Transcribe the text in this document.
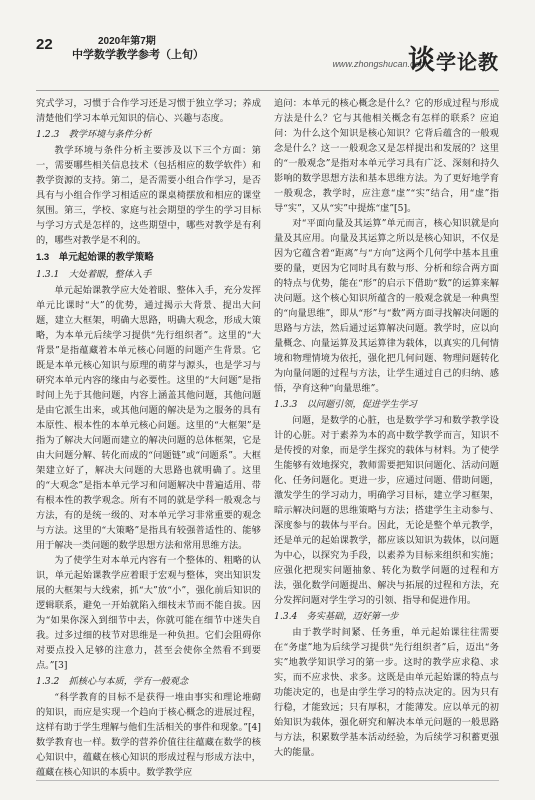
22	2020年第7期
中学数学教学参考（上旬）
www.zhongshucan.com
谈学论教

究式学习，习惯于合作学习还是习惯于独立学习；养成清楚他们学习本单元知识的信心、兴趣与态度。

1.2.3　教学环境与条件分析

教学环境与条件分析主要涉及以下三个方面：第一，需要哪些相关信息技术（包括相应的数学软件）和教学资源的支持。第二，是否需要小组合作学习，是否具有与小组合作学习相适应的课桌椅摆放和相应的课堂氛围。第三，学校、家庭与社会期望的学生的学习目标与学习方式是怎样的，这些期望中，哪些对教学是有利的，哪些对教学是不利的。

1.3　单元起始课的教学策略
1.3.1　大处着眼，整体入手

单元起始课教学应大处着眼、整体入手，充分发挥单元比课时“大”的优势，通过揭示大背景、提出大问题，建立大框架，明确大思路，明确大观念，形成大策略，为本单元后续学习提供“先行组织者”。这里的“大背景”是指蕴藏着本单元核心问题的问题产生背景。它既是本单元核心知识与原理的萌芽与源头，也是学习与研究本单元内容的缘由与必要性。这里的“大问题”是指时间上先于其他问题，内容上涵盖其他问题，其他问题是由它派生出来，或其他问题的解决是为之服务的具有本原性、根本性的本单元核心问题。这里的“大框架”是指为了解决大问题而建立的解决问题的总体框架，它是由大问题分解、转化而成的“问题链”或“问题系”。大框架建立好了，解决大问题的大思路也就明确了。这里的“大观念”是指本单元学习和问题解决中普遍适用、带有根本性的教学观念。所有不同的就是学科一般观念与方法，有的是统一级的、对本单元学习非常重要的观念与方法。这里的“大策略”是指具有较强普适性的、能够用于解决一类问题的数学思想方法和常用思维方法。

为了使学生对本单元内容有一个整体的、粗略的认识，单元起始课教学应着眼于宏观与整体，突出知识发展的大框架与大线索，抓“大”放“小”，强化前后知识的逻辑联系，避免一开始就陷入细枝末节而不能自拔。因为“如果你深入到细节中去，你就可能在细节中迷失自我。过多过细的枝节对思维是一种负担。它们会阻碍你对要点投入足够的注意力，甚至会使你全然看不到要点。”[3]

1.3.2　抓核心与本质，学有一般观念

“科学教育的目标不是获得一堆由事实和理论堆砌的知识，而应是实现一个趋向于核心概念的进展过程，这样有助于学生理解与他们生活相关的事件和现象。”[4]数学教育也一样。数学的营养价值往往蕴藏在数学的核心知识中，蕴藏在核心知识的形成过程与形成方法中，蕴藏在核心知识的本质中。数学教学应

追问：本单元的核心概念是什么？它的形成过程与形成方法是什么？它与其他相关概念有怎样的联系？应追问：为什么这个知识是核心知识？它背后蕴含的一般观念是什么？这一一般观念又是怎样提出和发展的？这里的“一般观念”是指对本单元学习具有广泛、深刻和持久影响的数学思想方法和基本思维方法。为了更好地学育一般观念，教学时，应注意“虚”“实”结合，用“虚”指导“实”，又从“实”中提炼“虚”[5]。

对“平面向量及其运算”单元而言，核心知识就是向量及其应用。向量及其运算之所以是核心知识，不仅是因为它蕴含着“距离”与“方向”这两个几何学中基本且重要的量，更因为它同时具有数与形、分析和综合两方面的特点与优势，能在“形”的启示下借助“数”的运算来解决问题。这个核心知识所蕴含的一般观念就是一种典型的“向量思维”，即从“形”与“数”两方面寻找解决问题的思路与方法，然后通过运算解决问题。教学时，应以向量概念、向量运算及其运算律为载体，以真实的几何情境和物理情境为依托，强化把几何问题、物理问题转化为向量问题的过程与方法，让学生通过自己的归纳、感悟，孕育这种“向量思维”。

1.3.3　以问题引领，促进学生学习

问题，是数学的心脏，也是数学学习和数学教学设计的心脏。对于素养为本的高中数学教学而言，知识不是传授的对象，而是学生探究的载体与材料。为了使学生能够有效地探究，教师需要把知识问题化、活动问题化、任务问题化。更进一步，应通过问题、借助问题，激发学生的学习动力，明确学习目标，建立学习框架，暗示解决问题的思维策略与方法；搭建学生主动参与、深度参与的载体与平台。因此，无论是整个单元教学，还是单元的起始课教学，都应该以知识为载体，以问题为中心，以探究为手段，以素养为目标来组织和实施；应强化把现实问题抽象、转化为数学问题的过程和方法，强化数学问题提出、解决与拓展的过程和方法，充分发挥问题对学生学习的引领、指导和促进作用。

1.3.4　务实基础，迈好第一步

由于教学时间紧、任务重，单元起始课往往需要在“务虚”地为后续学习提供“先行组织者”后，迈出“务实”地教学知识学习的第一步。这时的教学应求稳、求实，而不应求快、求多。这既是由单元起始课的特点与功能决定的，也是由学生学习的特点决定的。因为只有行稳，才能致远；只有厚积，才能薄发。应以单元的初始知识为载体，强化研究和解决本单元问题的一般思路与方法，积累数学基本活动经验，为后续学习积蓄更强大的能量。
